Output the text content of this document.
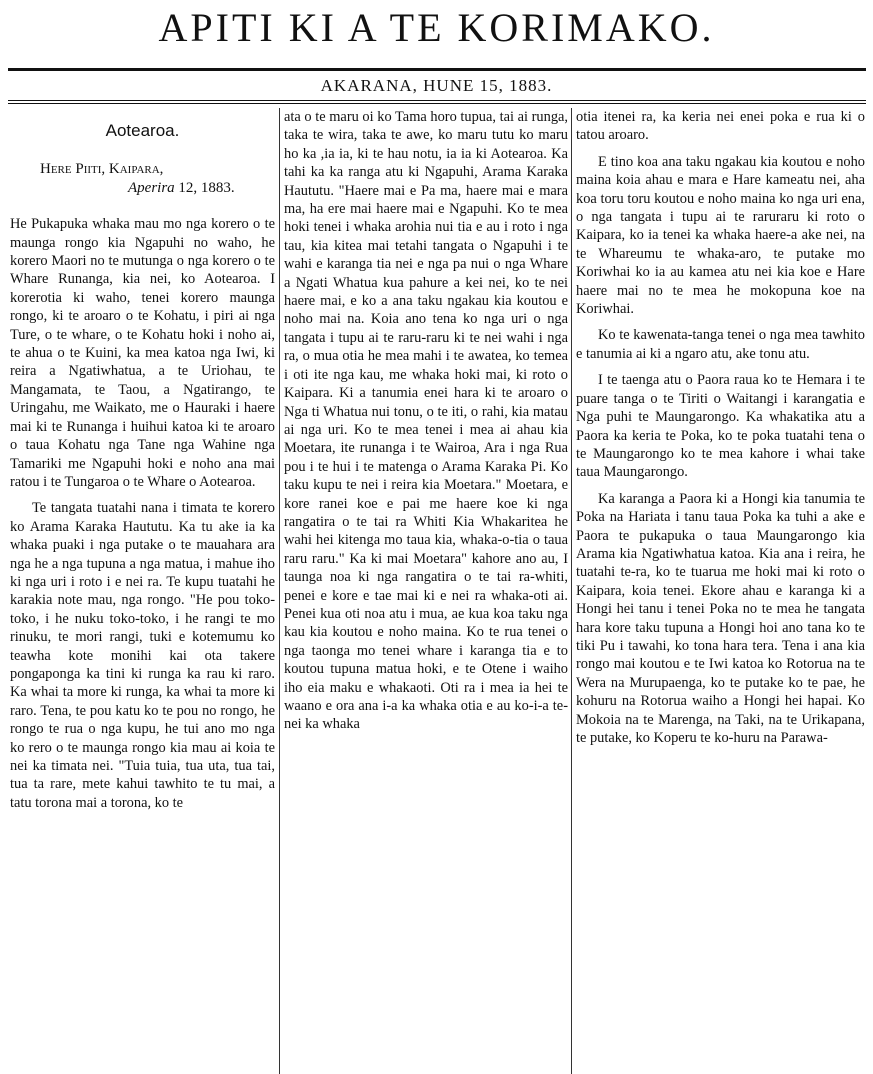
APITI KI A TE KORIMAKO.
AKARANA, HUNE 15, 1883.
Aotearoa.
Here Piiti, Kaipara,
Aperira 12, 1883.

He Pukapuka whaka mau mo nga korero o te maunga rongo kia Ngapuhi no waho, he korero Maori no te mutunga o nga korero o te Whare Runanga, kia nei, ko Aotearoa. I korerotia ki waho, tenei korero maunga rongo, ki te aroaro o te Kohatu, i piri ai nga Ture, o te whare, o te Kohatu hoki i noho ai, te ahua o te Kuini, ka mea katoa nga Iwi, ki reira a Ngatiwhatua, a te Uriohau, te Mangamata, te Taou, a Ngatirango, te Uringahu, me Waikato, me o Hauraki i haere mai ki te Runanga i huihui katoa ki te aroaro o taua Kohatu nga Tane nga Wahine nga Tamariki me Ngapuhi hoki e noho ana mai ratou i te Tungaroa o te Whare o Aotearoa.

Te tangata tuatahi nana i timata te korero ko Arama Karaka Haututu. Ka tu ake ia ka whaka puaki i nga putake o te mauahara ara nga he a nga tupuna a nga matua, i mahue iho ki nga uri i roto i e nei ra. Te kupu tuatahi he karakia note mau, nga rongo. "He pou toko-toko, i he nuku toko-toko, i he rangi te mo rinuku, te mori rangi, tuki e kotemumu ko teawha kote monihi kai ota takere pongaponga ka tini ki runga ka rau ki raro. Ka whai ta more ki runga, ka whai ta more ki raro. Tena, te pou katu ko te pou no rongo, he rongo te rua o nga kupu, he tui ano mo nga ko rero o te maunga rongo kia mau ai koia te nei ka timata nei. "Tuia tuia, tua uta, tua tai, tua ta rare, mete kahui tawhito te tu mai, a tatu torona mai a torona, ko te

ata o te maru oi ko Tama horo tupua, tai ai runga, taka te wira, taka te awe, ko maru tutu ko maru ho ka ,ia ia, ki te hau notu, ia ia ki Aotearoa. Ka tahi ka ka ranga atu ki Ngapuhi, Arama Karaka Haututu. "Haere mai e Pa ma, haere mai e mara ma, ha ere mai haere mai e Ngapuhi. Ko te mea hoki tenei i whaka arohia nui tia e au i roto i nga tau, kia kitea mai tetahi tangata o Ngapuhi i te wahi e karanga tia nei e nga pa nui o nga Whare a Ngati Whatua kua pahure a kei nei, ko te nei haere mai, e ko a ana taku ngakau kia koutou e noho mai na. Koia ano tena ko nga uri o nga tangata i tupu ai te raru-raru ki te nei wahi i nga ra, o mua otia he mea mahi i te awatea, ko temea i oti ite nga kau, me whaka hoki mai, ki roto o Kaipara. Ki a tanumia enei hara ki te aroaro o Nga ti Whatua nui tonu, o te iti, o rahi, kia matau ai nga uri. Ko te mea tenei i mea ai ahau kia Moetara, ite runanga i te Wairoa, Ara i nga Rua pou i te hui i te matenga o Arama Karaka Pi. Ko taku kupu te nei i reira kia Moetara." Moetara, e kore ranei koe e pai me haere koe ki nga rangatira o te tai ra Whiti Kia Whakaritea he wahi hei kitenga mo taua kia, whaka-o-tia o taua raru raru." Ka ki mai Moetara" kahore ano au, I taunga noa ki nga rangatira o te tai ra-whiti, penei e kore e tae mai ki e nei ra whaka-oti ai. Penei kua oti noa atu i mua, ae kua koa taku nga kau kia koutou e noho maina. Ko te rua tenei o nga taonga mo tenei whare i karanga tia e to koutou tupuna matua hoki, e te Otene i waiho iho eia maku e whakaoti. Oti ra i mea ia hei te waano e ora ana i-a ka whaka otia e au ko-i-a te-nei ka whaka

otia itenei ra, ka keria nei enei poka e rua ki o tatou aroaro.

E tino koa ana taku ngakau kia koutou e noho maina koia ahau e mara e Hare kameatu nei, aha koa toru toru koutou e noho maina ko nga uri ena, o nga tangata i tupu ai te raruraru ki roto o Kaipara, ko ia tenei ka whaka haere-a ake nei, na te Whareumu te whaka-aro, te putake mo Koriwhai ko ia au kamea atu nei kia koe e Hare haere mai no te mea he mokopuna koe na Koriwhai.

Ko te kawenata-tanga tenei o nga mea tawhito e tanumia ai ki a ngaro atu, ake tonu atu.

I te taenga atu o Paora raua ko te Hemara i te puare tanga o te Tiriti o Waitangi i karangatia e Nga puhi te Maungarongo. Ka whakatika atu a Paora ka keria te Poka, ko te poka tuatahi tena o te Maungarongo ko te mea kahore i whai take taua Maungarongo.

Ka karanga a Paora ki a Hongi kia tanumia te Poka na Hariata i tanu taua Poka ka tuhi a ake e Paora te pukapuka o taua Maungarongo kia Arama kia Ngatiwhatua katoa. Kia ana i reira, he tuatahi te-ra, ko te tuarua me hoki mai ki roto o Kaipara, koia tenei. Ekore ahau e karanga ki a Hongi hei tanu i tenei Poka no te mea he tangata hara kore taku tupuna a Hongi hoi ano tana ko te tiki Pu i tawahi, ko tona hara tera. Tena i ana kia rongo mai koutou e te Iwi katoa ko Rotorua na te Wera na Murupaenga, ko te putake ko te pae, he kohuru na Rotorua waiho a Hongi hei hapai. Ko Mokoia na te Marenga, na Taki, na te Urikapana, te putake, ko Koperu te ko-huru na Parawa-
